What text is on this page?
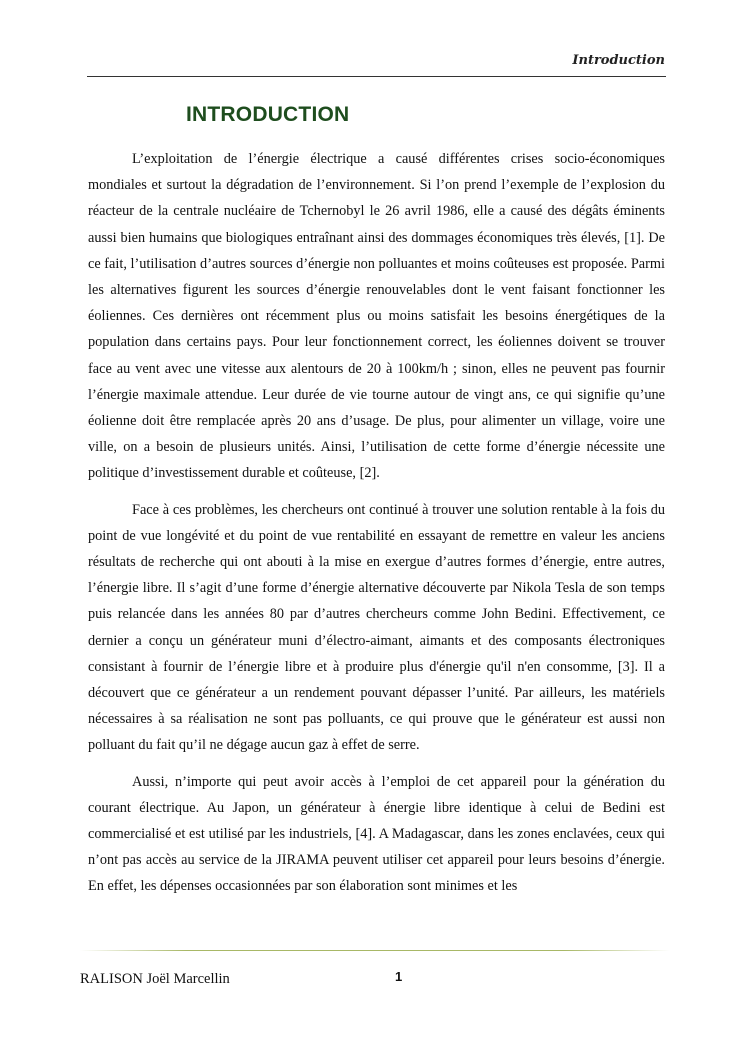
Introduction
INTRODUCTION

L’exploitation de l’énergie électrique a causé différentes crises socio-économiques mondiales et surtout la dégradation de l’environnement. Si l’on prend l’exemple de l’explosion du réacteur de la centrale nucléaire de Tchernobyl le 26 avril 1986, elle a causé des dégâts éminents aussi bien humains que biologiques entraînant ainsi des dommages économiques très élevés, [1]. De ce fait, l’utilisation d’autres sources d’énergie non polluantes et moins coûteuses est proposée. Parmi les alternatives figurent les sources d’énergie renouvelables dont le vent faisant fonctionner les éoliennes. Ces dernières ont récemment plus ou moins satisfait les besoins énergétiques de la population dans certains pays. Pour leur fonctionnement correct, les éoliennes doivent se trouver face au vent avec une vitesse aux alentours de 20 à 100km/h ; sinon, elles ne peuvent pas fournir l’énergie maximale attendue. Leur durée de vie tourne autour de vingt ans, ce qui signifie qu’une éolienne doit être remplacée après 20 ans d’usage. De plus, pour alimenter un village, voire une ville, on a besoin de plusieurs unités. Ainsi, l’utilisation de cette forme d’énergie nécessite une politique d’investissement durable et coûteuse, [2].

Face à ces problèmes, les chercheurs ont continué à trouver une solution rentable à la fois du point de vue longévité et du point de vue rentabilité en essayant de remettre en valeur les anciens résultats de recherche qui ont abouti à la mise en exergue d’autres formes d’énergie, entre autres, l’énergie libre. Il s’agit d’une forme d’énergie alternative découverte par Nikola Tesla de son temps puis relancée dans les années 80 par d’autres chercheurs comme John Bedini. Effectivement, ce dernier a conçu un générateur muni d’électro-aimant, aimants et des composants électroniques consistant à fournir de l’énergie libre et à produire plus d'énergie qu'il n'en consomme, [3]. Il a découvert que ce générateur a un rendement pouvant dépasser l’unité. Par ailleurs, les matériels nécessaires à sa réalisation ne sont pas polluants, ce qui prouve que le générateur est aussi non polluant du fait qu’il ne dégage aucun gaz à effet de serre.

Aussi, n’importe qui peut avoir accès à l’emploi de cet appareil pour la génération du courant électrique. Au Japon, un générateur à énergie libre identique à celui de Bedini est commercialisé et est utilisé par les industriels, [4]. A Madagascar, dans les zones enclavées, ceux qui n’ont pas accès au service de la JIRAMA peuvent utiliser cet appareil pour leurs besoins d’énergie. En effet, les dépenses occasionnées par son élaboration sont minimes et les

RALISON Joël Marcellin	1
